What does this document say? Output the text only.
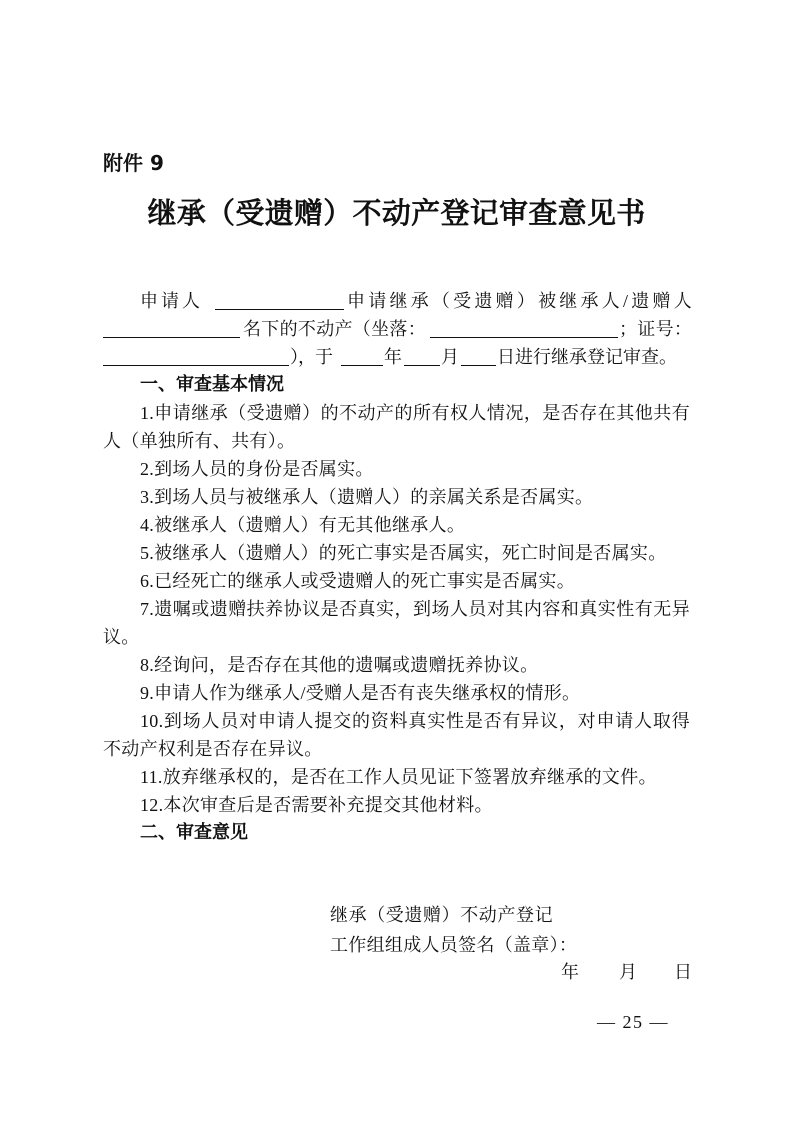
附件 9
继承（受遗赠）不动产登记审查意见书
申请人	申请继承（受遗赠）被继承人/遗赠人
名下的不动产（坐落：	；证号：
），于	年 月 日进行继承登记审查。
一、审查基本情况
1.申请继承（受遗赠）的不动产的所有权人情况，是否存在其他共有
人（单独所有、共有）。
2.到场人员的身份是否属实。
3.到场人员与被继承人（遗赠人）的亲属关系是否属实。
4.被继承人（遗赠人）有无其他继承人。
5.被继承人（遗赠人）的死亡事实是否属实，死亡时间是否属实。
6.已经死亡的继承人或受遗赠人的死亡事实是否属实。
7.遗嘱或遗赠扶养协议是否真实，到场人员对其内容和真实性有无异
议。
8.经询问，是否存在其他的遗嘱或遗赠抚养协议。
9.申请人作为继承人/受赠人是否有丧失继承权的情形。
10.到场人员对申请人提交的资料真实性是否有异议，对申请人取得
不动产权利是否存在异议。
11.放弃继承权的，是否在工作人员见证下签署放弃继承的文件。
12.本次审查后是否需要补充提交其他材料。
二、审查意见
继承（受遗赠）不动产登记
工作组组成人员签名（盖章）：
年 月 日
— 25 —
